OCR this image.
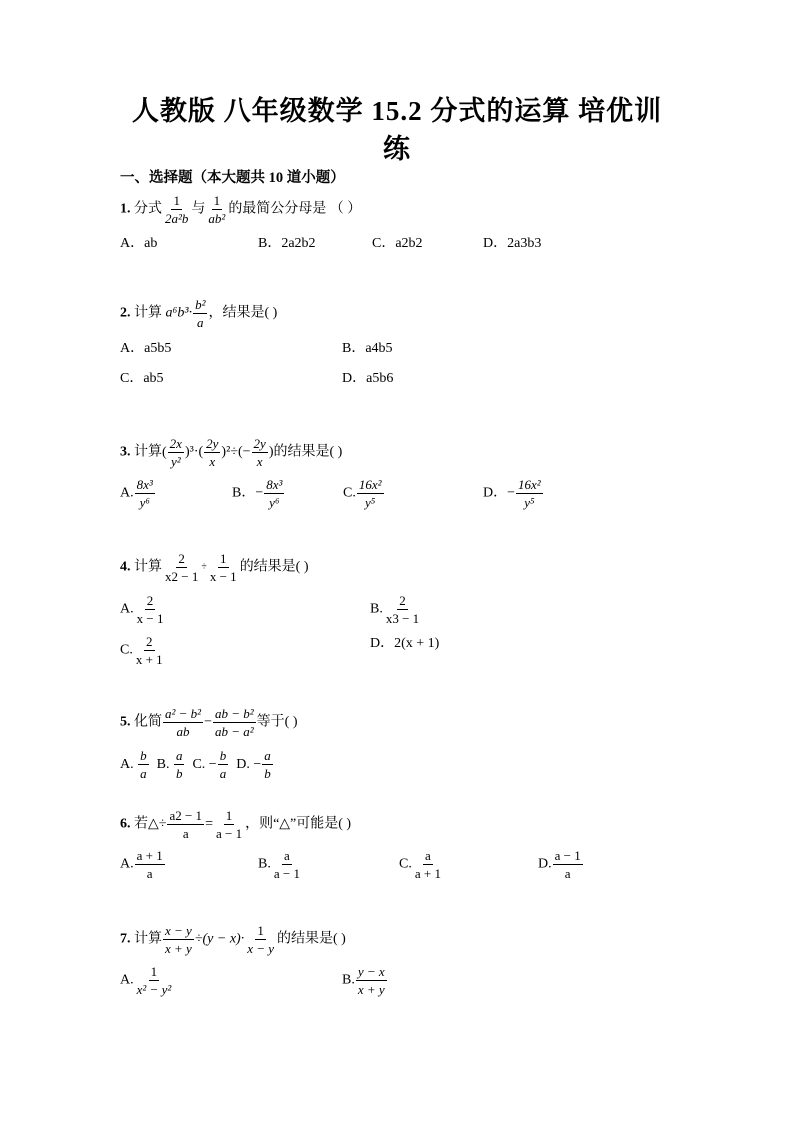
人教版 八年级数学 15.2 分式的运算 培优训
练
一、选择题（本大题共 10 道小题）
1. 分式 $\frac{1}{\text{2a²b}}$ 与 $\frac{1}{\text{ab²}}$ 的最简公分母是 （ ）
A．ab	B．2a2b2	C．a2b2	D．2a3b3
2. 计算 $a^6b^3\cdot \frac{\text{b²}}{a}$ ，结果是( )
A．a5b5	B．a4b5
C．ab5	D．a5b6
3. 计算( $\frac{2x}{\text{y²}} )^3\cdot( \frac{2y}{x} )^2\div(- \frac{2y}{x}$ )的结果是( )
A. $\frac{\text{8x³}}{\text{y⁶}}$	B．− $\frac{\text{8x³}}{\text{y⁶}}$	C. $\frac{\text{16x²}}{\text{y⁵}}$	D．− $\frac{\text{16x²}}{\text{y⁵}}$
4. 计算 $\frac{2}{x2 - 1} \div \frac{1}{x - 1}$ 的结果是( )
A. $\frac{2}{x - 1}$	B. $\frac{2}{x3 - 1}$
C. $\frac{2}{x + 1}$	D．2(x + 1)
5. 化简 $\frac{\text{a² − b²}}{ab} - \frac{\text{ab − b²}}{\text{ab − a²}}$ 等于( )
A. $\frac{b}{a} B$. $\frac{a}{b} C$. − $\frac{b}{a} D$. − $\frac{a}{b}$
6. 若△÷ $\frac{a2 - 1}{a} = \frac{1}{a - 1}$ ，则“△”可能是( )
A. $\frac{a + 1}{a}$	B. $\frac{a}{a - 1}$	C. $\frac{a}{a + 1}$	D. $\frac{a - 1}{a}$
7. 计算 $\frac{x - y}{x + y} \div(y - x)\cdot \frac{1}{x - y}$ 的结果是( )
A. $\frac{1}{\text{x² − y²}}$	B. $\frac{y - x}{x + y}$
